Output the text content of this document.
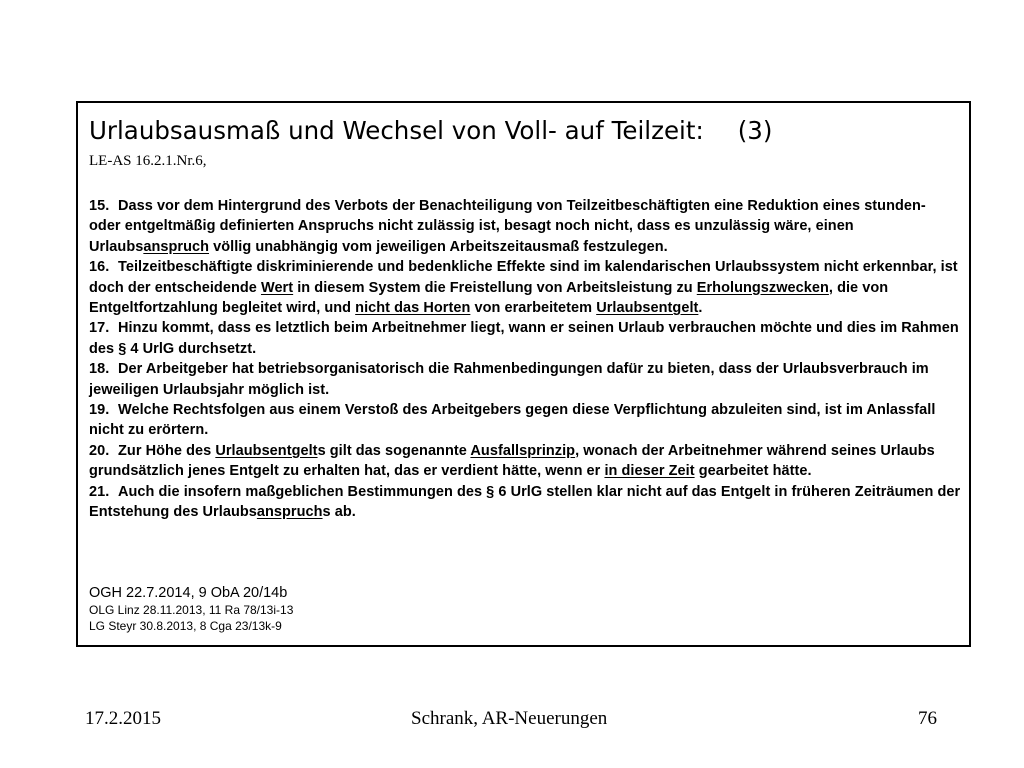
Urlaubsausmaß und Wechsel von Voll- auf Teilzeit: (3)
LE-AS 16.2.1.Nr.6,
15. Dass vor dem Hintergrund des Verbots der Benachteiligung von Teilzeitbeschäftigten eine Reduktion eines stunden- oder entgeltmäßig definierten Anspruchs nicht zulässig ist, besagt noch nicht, dass es unzulässig wäre, einen Urlaubsanspruch völlig unabhängig vom jeweiligen Arbeitszeitausmaß festzulegen.
16. Teilzeitbeschäftigte diskriminierende und bedenkliche Effekte sind im kalendarischen Urlaubssystem nicht erkennbar, ist doch der entscheidende Wert in diesem System die Freistellung von Arbeitsleistung zu Erholungszwecken, die von Entgeltfortzahlung begleitet wird, und nicht das Horten von erarbeitetem Urlaubsentgelt.
17. Hinzu kommt, dass es letztlich beim Arbeitnehmer liegt, wann er seinen Urlaub verbrauchen möchte und dies im Rahmen des § 4 UrlG durchsetzt.
18. Der Arbeitgeber hat betriebsorganisatorisch die Rahmenbedingungen dafür zu bieten, dass der Urlaubsverbrauch im jeweiligen Urlaubsjahr möglich ist.
19. Welche Rechtsfolgen aus einem Verstoß des Arbeitgebers gegen diese Verpflichtung abzuleiten sind, ist im Anlassfall nicht zu erörtern.
20. Zur Höhe des Urlaubsentgelts gilt das sogenannte Ausfallsprinzip, wonach der Arbeitnehmer während seines Urlaubs grundsätzlich jenes Entgelt zu erhalten hat, das er verdient hätte, wenn er in dieser Zeit gearbeitet hätte.
21. Auch die insofern maßgeblichen Bestimmungen des § 6 UrlG stellen klar nicht auf das Entgelt in früheren Zeiträumen der Entstehung des Urlaubsanspruchs ab.
OGH 22.7.2014, 9 ObA 20/14b
OLG Linz 28.11.2013, 11 Ra 78/13i-13
LG Steyr 30.8.2013, 8 Cga 23/13k-9
17.2.2015	Schrank, AR-Neuerungen	76
